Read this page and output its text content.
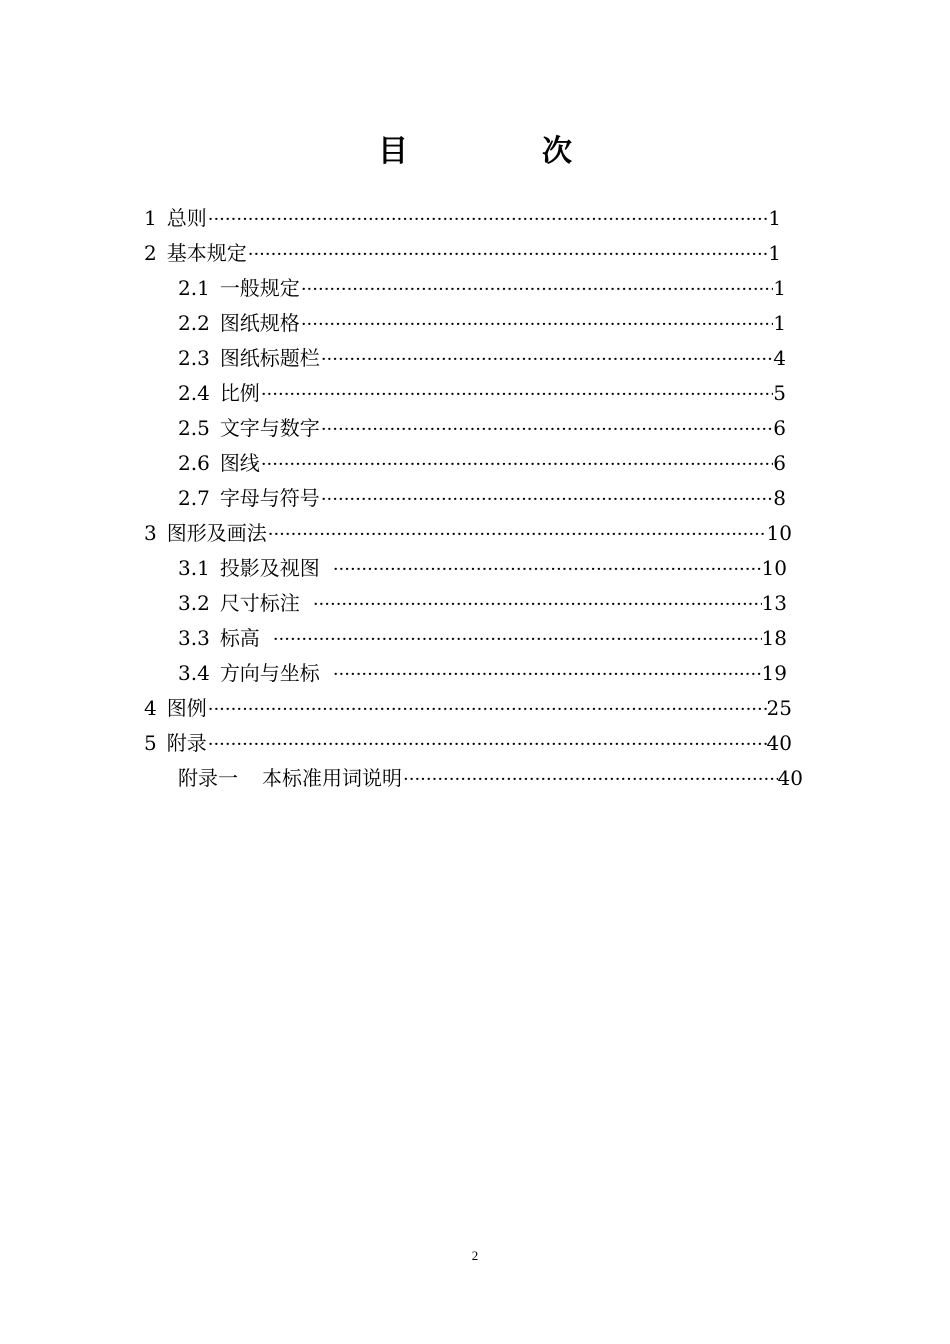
目　次
1 总则 ·····	1
2 基本规定 ·····	1
2.1 一般规定 ·····	1
2.2 图纸规格 ·····	1
2.3 图纸标题栏 ·····	4
2.4 比例 ·····	5
2.5 文字与数字 ·····	6
2.6 图线 ·····	6
2.7 字母与符号 ·····	8
3 图形及画法 ·····	10
3.1 投影及视图 ·····	10
3.2 尺寸标注 ·····	13
3.3 标高 ·····	18
3.4 方向与坐标 ·····	19
4 图例 ·····	25
5 附录 ·····	40
附录一 本标准用词说明 ·····	40
2
